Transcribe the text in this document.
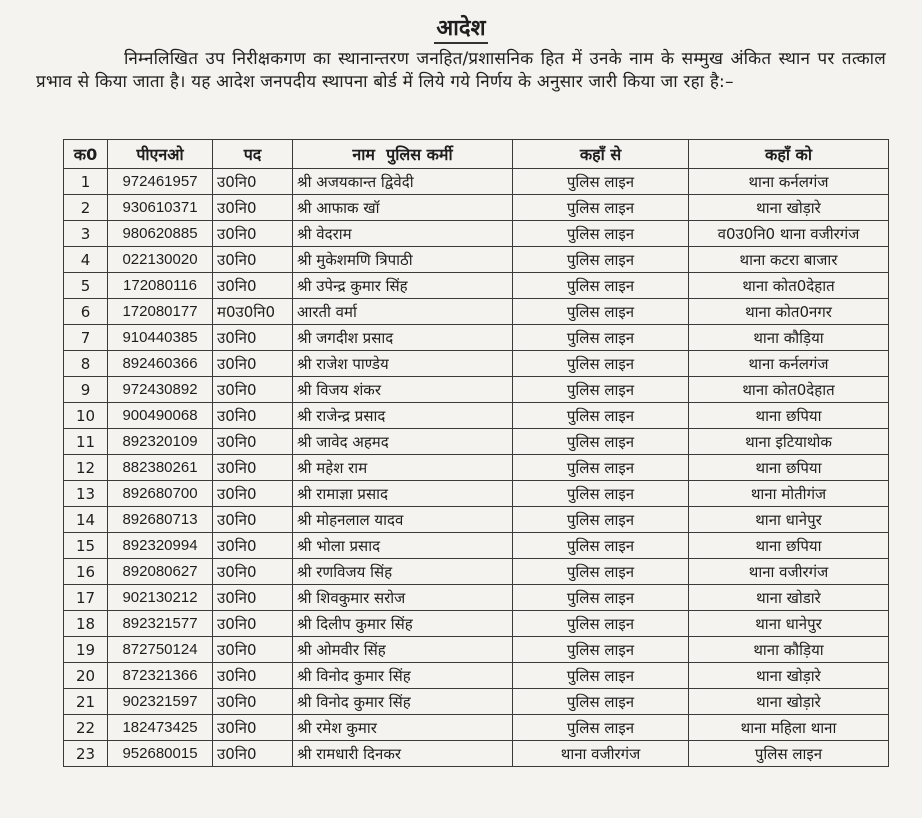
आदेश
निम्नलिखित उप निरीक्षकगण का स्थानान्तरण जनहित/प्रशासनिक हित में उनके नाम के सम्मुख अंकित स्थान पर तत्काल प्रभाव से किया जाता है। यह आदेश जनपदीय स्थापना बोर्ड में लिये गये निर्णय के अनुसार जारी किया जा रहा है:–
क0	पीएनओ	पद	नाम  पुलिस कर्मी	कहाँ से	कहाँ को
1	972461957	उ0नि0	श्री अजयकान्त द्विवेदी	पुलिस लाइन	थाना कर्नलगंज
2	930610371	उ0नि0	श्री आफाक खॉ	पुलिस लाइन	थाना खोड़ारे
3	980620885	उ0नि0	श्री वेदराम	पुलिस लाइन	व0उ0नि0 थाना वजीरगंज
4	022130020	उ0नि0	श्री मुकेशमणि त्रिपाठी	पुलिस लाइन	थाना कटरा बाजार
5	172080116	उ0नि0	श्री उपेन्द्र कुमार सिंह	पुलिस लाइन	थाना कोत0देहात
6	172080177	म0उ0नि0	आरती वर्मा	पुलिस लाइन	थाना कोत0नगर
7	910440385	उ0नि0	श्री जगदीश प्रसाद	पुलिस लाइन	थाना कौड़िया
8	892460366	उ0नि0	श्री राजेश पाण्डेय	पुलिस लाइन	थाना कर्नलगंज
9	972430892	उ0नि0	श्री विजय शंकर	पुलिस लाइन	थाना कोत0देहात
10	900490068	उ0नि0	श्री राजेन्द्र प्रसाद	पुलिस लाइन	थाना छपिया
11	892320109	उ0नि0	श्री जावेद अहमद	पुलिस लाइन	थाना इटियाथोक
12	882380261	उ0नि0	श्री महेश राम	पुलिस लाइन	थाना छपिया
13	892680700	उ0नि0	श्री रामाज्ञा प्रसाद	पुलिस लाइन	थाना मोतीगंज
14	892680713	उ0नि0	श्री मोहनलाल यादव	पुलिस लाइन	थाना धानेपुर
15	892320994	उ0नि0	श्री भोला प्रसाद	पुलिस लाइन	थाना छपिया
16	892080627	उ0नि0	श्री रणविजय सिंह	पुलिस लाइन	थाना वजीरगंज
17	902130212	उ0नि0	श्री शिवकुमार सरोज	पुलिस लाइन	थाना खोडारे
18	892321577	उ0नि0	श्री दिलीप कुमार सिंह	पुलिस लाइन	थाना धानेपुर
19	872750124	उ0नि0	श्री ओमवीर सिंह	पुलिस लाइन	थाना कौड़िया
20	872321366	उ0नि0	श्री विनोद कुमार सिंह	पुलिस लाइन	थाना खोड़ारे
21	902321597	उ0नि0	श्री विनोद कुमार सिंह	पुलिस लाइन	थाना खोड़ारे
22	182473425	उ0नि0	श्री रमेश कुमार	पुलिस लाइन	थाना महिला थाना
23	952680015	उ0नि0	श्री रामधारी दिनकर	थाना वजीरगंज	पुलिस लाइन
